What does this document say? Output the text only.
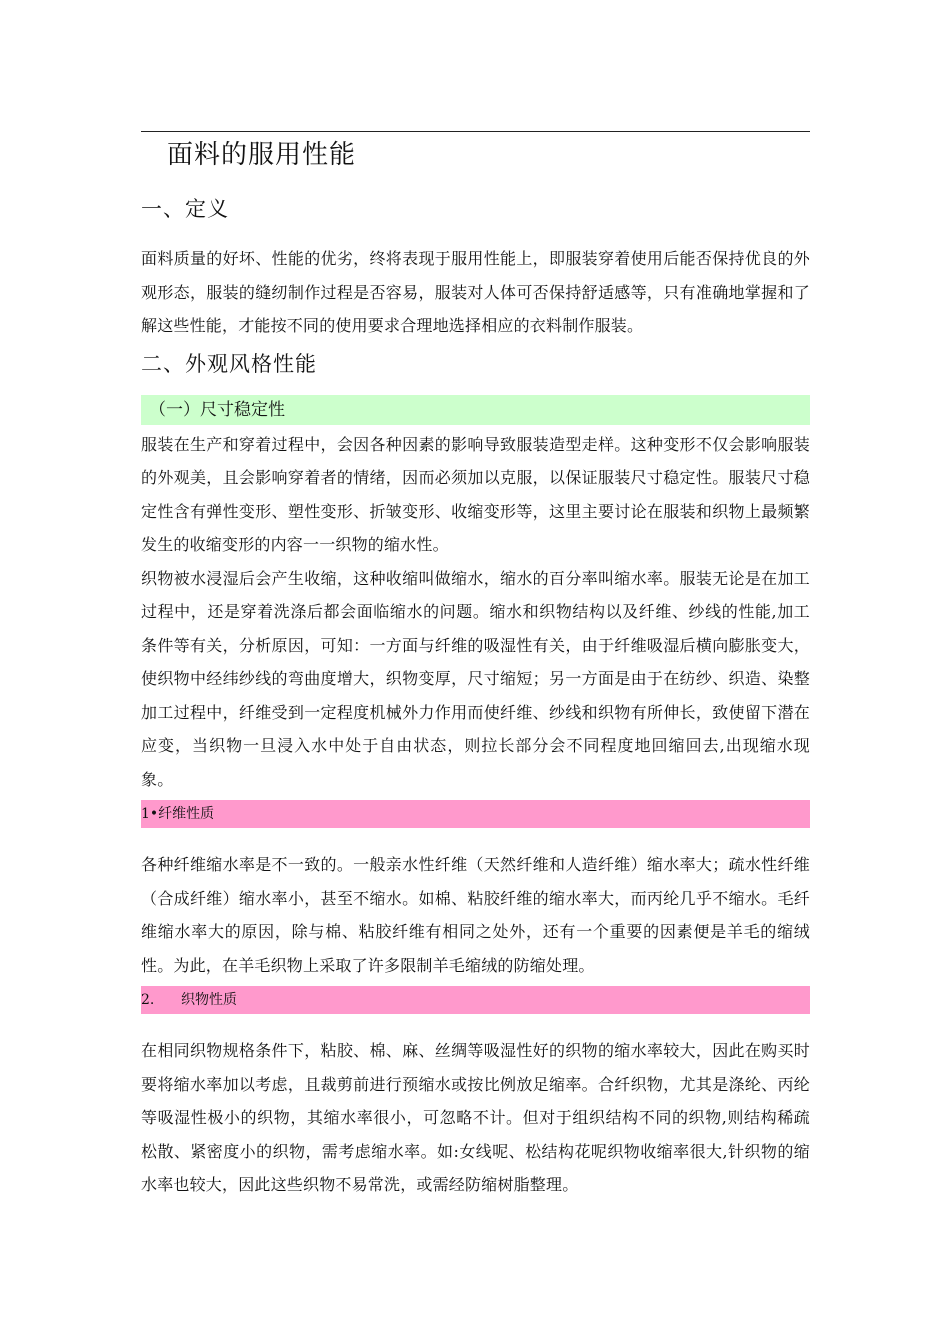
面料的服用性能
一、定义

面料质量的好坏、性能的优劣，终将表现于服用性能上，即服装穿着使用后能否保持优良的外观形态，服装的缝纫制作过程是否容易，服装对人体可否保持舒适感等，只有准确地掌握和了解这些性能，才能按不同的使用要求合理地选择相应的衣料制作服装。

二、外观风格性能
（一）尺寸稳定性

服装在生产和穿着过程中，会因各种因素的影响导致服装造型走样。这种变形不仅会影响服装的外观美，且会影响穿着者的情绪，因而必须加以克服，以保证服装尺寸稳定性。服装尺寸稳定性含有弹性变形、塑性变形、折皱变形、收缩变形等，这里主要讨论在服装和织物上最频繁发生的收缩变形的内容一一织物的缩水性。

织物被水浸湿后会产生收缩，这种收缩叫做缩水，缩水的百分率叫缩水率。服装无论是在加工过程中，还是穿着洗涤后都会面临缩水的问题。缩水和织物结构以及纤维、纱线的性能,加工条件等有关，分析原因，可知：一方面与纤维的吸湿性有关，由于纤维吸湿后横向膨胀变大，使织物中经纬纱线的弯曲度增大，织物变厚，尺寸缩短；另一方面是由于在纺纱、织造、染整加工过程中，纤维受到一定程度机械外力作用而使纤维、纱线和织物有所伸长，致使留下潜在应变，当织物一旦浸入水中处于自由状态，则拉长部分会不同程度地回缩回去,出现缩水现象。

1•纤维性质

各种纤维缩水率是不一致的。一般亲水性纤维（天然纤维和人造纤维）缩水率大；疏水性纤维（合成纤维）缩水率小，甚至不缩水。如棉、粘胶纤维的缩水率大，而丙纶几乎不缩水。毛纤维缩水率大的原因，除与棉、粘胶纤维有相同之处外，还有一个重要的因素便是羊毛的缩绒性。为此，在羊毛织物上采取了许多限制羊毛缩绒的防缩处理。

2. 织物性质

在相同织物规格条件下，粘胶、棉、麻、丝绸等吸湿性好的织物的缩水率较大，因此在购买时要将缩水率加以考虑，且裁剪前进行预缩水或按比例放足缩率。合纤织物，尤其是涤纶、丙纶等吸湿性极小的织物，其缩水率很小，可忽略不计。但对于组织结构不同的织物,则结构稀疏松散、紧密度小的织物，需考虑缩水率。如:女线呢、松结构花呢织物收缩率很大,针织物的缩水率也较大，因此这些织物不易常洗，或需经防缩树脂整理。
